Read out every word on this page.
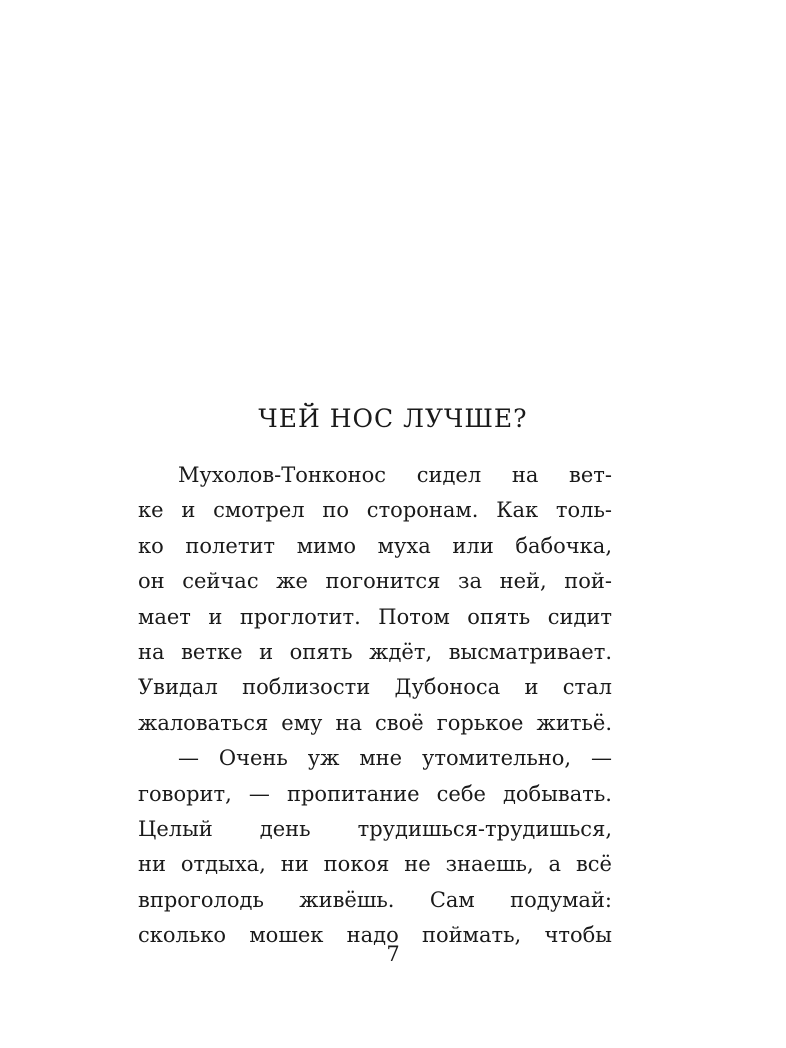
ЧЕЙ НОС ЛУЧШЕ?
Мухолов-Тонконос сидел на вет-
ке и смотрел по сторонам. Как толь-
ко полетит мимо муха или бабочка,
он сейчас же погонится за ней, пой-
мает и проглотит. Потом опять сидит
на ветке и опять ждёт, высматривает.
Увидал поблизости Дубоноса и стал
жаловаться ему на своё горькое житьё.
— Очень уж мне утомительно, —
говорит, — пропитание себе добывать.
Целый день трудишься-трудишься,
ни отдыха, ни покоя не знаешь, а всё
впроголодь живёшь. Сам подумай:
сколько мошек надо поймать, чтобы
7
